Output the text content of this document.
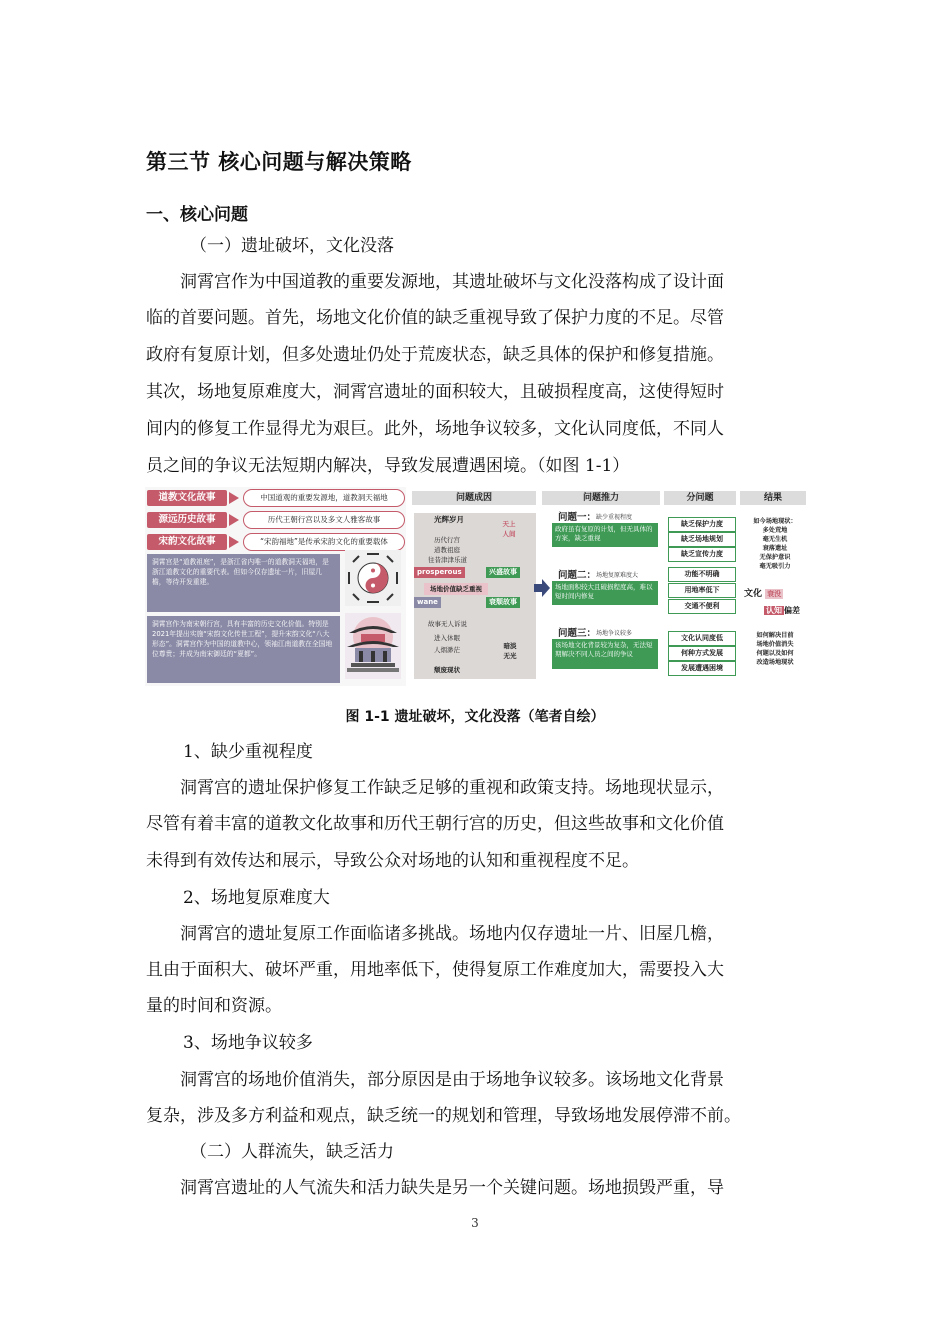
第三节 核心问题与解决策略
一、核心问题
（一）遗址破坏，文化没落
洞霄宫作为中国道教的重要发源地，其遗址破坏与文化没落构成了设计面
临的首要问题。首先，场地文化价值的缺乏重视导致了保护力度的不足。尽管
政府有复原计划，但多处遗址仍处于荒废状态，缺乏具体的保护和修复措施。
其次，场地复原难度大，洞霄宫遗址的面积较大，且破损程度高，这使得短时
间内的修复工作显得尤为艰巨。此外，场地争议较多，文化认同度低，不同人
员之间的争议无法短期内解决，导致发展遭遇困境。（如图 1-1）
道教文化故事	中国道观的重要发源地，道教洞天福地
源远历史故事	历代王朝行宫以及多文人雅客故事
宋韵文化故事	“宋韵福地”是传承宋韵文化的重要载体
洞霄宫是“道教祖庭”，是浙江省内唯一的道教洞天福地，是浙江道教文化的重要代表。但如今仅存遗址一片，旧屋几檐，等待开发重建。
洞霄宫作为南宋朝行宫，具有丰富的历史文化价值。特别是2021年提出实施“宋韵文化传世工程”，提升宋韵文化“八大形态”。洞霄宫作为中国的道教中心，领袖江南道教在全国地位尊贵；并成为南宋御廷的“夏都”。
问题成因	问题推力	分问题	结果
光辉岁月
历代行宫
道教祖庭
往昔津津乐道
prosperous	兴盛故事
天上人间
场地价值缺乏重视
wane	衰颓故事
故事无人诉说
进入休眠
人烟渺茫
颓废现状
暗淡无光
问题一： 缺少重视程度
政府虽有复原的计划，但无具体的方案，缺乏重视
缺乏保护力度
缺乏场地规划
缺乏宣传力度
问题二： 场地复原难度大
场地面积较大且破损程度高，难以短时间内修复
功能不明确
用地率低下
交通不便利
问题三： 场地争议较多
该场地文化背景较为复杂，无法短期解决不同人员之间的争议
文化认同度低
何种方式发展
发展遭遇困境
如今场地现状：
多处荒地
毫无生机
衰落遗址
无保护意识
毫无吸引力
文化 衰没
认知 偏差
如何解决目前
场地价值消失
何题以及如何
改造场地现状
图 1-1 遗址破坏，文化没落（笔者自绘）
1、缺少重视程度
洞霄宫的遗址保护修复工作缺乏足够的重视和政策支持。场地现状显示，
尽管有着丰富的道教文化故事和历代王朝行宫的历史，但这些故事和文化价值
未得到有效传达和展示，导致公众对场地的认知和重视程度不足。
2、场地复原难度大
洞霄宫的遗址复原工作面临诸多挑战。场地内仅存遗址一片、旧屋几檐，
且由于面积大、破坏严重，用地率低下，使得复原工作难度加大，需要投入大
量的时间和资源。
3、场地争议较多
洞霄宫的场地价值消失，部分原因是由于场地争议较多。该场地文化背景
复杂，涉及多方利益和观点，缺乏统一的规划和管理，导致场地发展停滞不前。
（二）人群流失，缺乏活力
洞霄宫遗址的人气流失和活力缺失是另一个关键问题。场地损毁严重，导
3
